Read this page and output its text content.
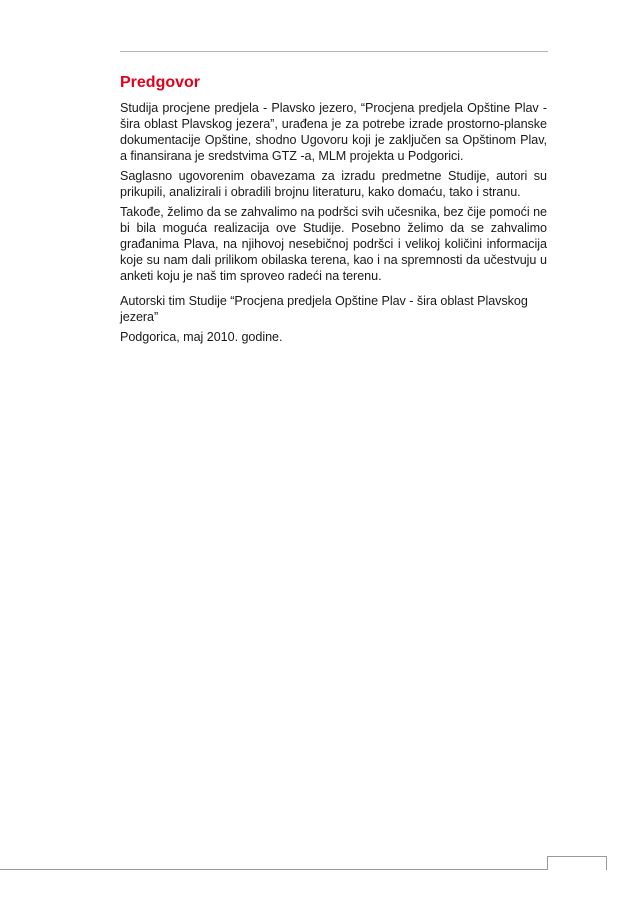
Predgovor

Studija procjene predjela - Plavsko jezero, “Procjena predjela Opštine Plav - šira oblast Plavskog jezera”, urađena je za potrebe izrade prostorno-planske dokumentacije Opštine, shodno Ugovoru koji je zaključen sa Opštinom Plav, a finansirana je sredstvima GTZ -a, MLM projekta u Podgorici.

Saglasno ugovorenim obavezama za izradu predmetne Studije, autori su prikupili, analizirali i obradili brojnu literaturu, kako domaću, tako i stranu.

Takođe, želimo da se zahvalimo na podršci svih učesnika, bez čije pomoći ne bi bila moguća realizacija ove Studije. Posebno želimo da se zahvalimo građanima Plava, na njihovoj nesebičnoj podršci i velikoj količini informacija koje su nam dali prilikom obilaska terena, kao i na spremnosti da učestvuju u anketi koju je naš tim sproveo radeći na terenu.

Autorski tim Studije “Procjena predjela Opštine Plav - šira oblast Plavskog jezera”

Podgorica, maj 2010. godine.
